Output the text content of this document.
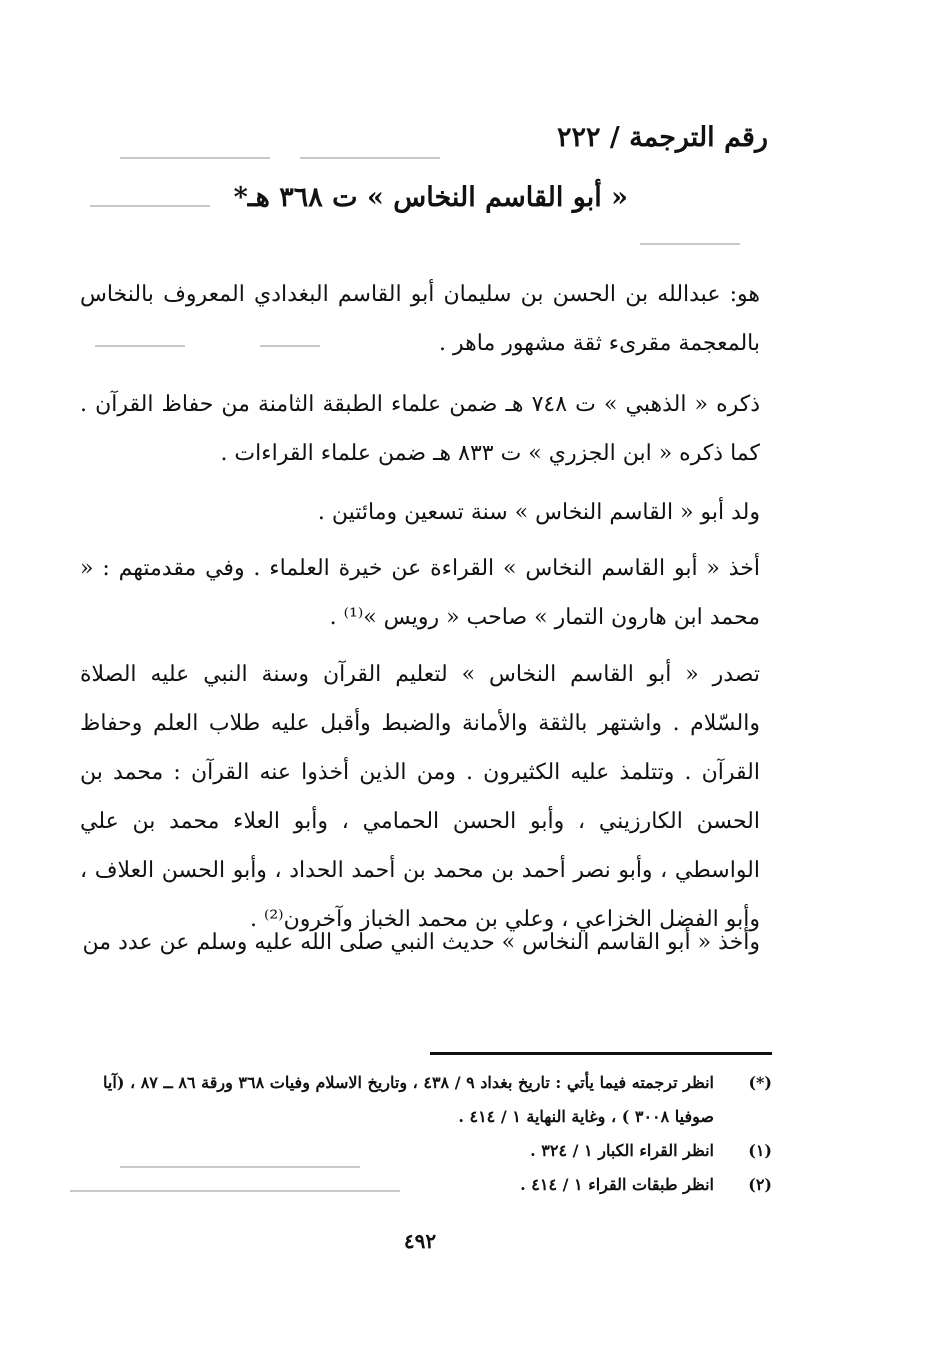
رقم الترجمة / ٢٢٢
« أبو القاسم النخاس » ت ٣٦٨ هـ*

هو: عبدالله بن الحسن بن سليمان أبو القاسم البغدادي المعروف بالنخاس بالمعجمة مقرىء ثقة مشهور ماهر .

ذكره « الذهبي » ت ٧٤٨ هـ ضمن علماء الطبقة الثامنة من حفاظ القرآن . كما ذكره « ابن الجزري » ت ٨٣٣ هـ ضمن علماء القراءات .

ولد أبو « القاسم النخاس » سنة تسعين ومائتين .

أخذ « أبو القاسم النخاس » القراءة عن خيرة العلماء . وفي مقدمتهم : « محمد ابن هارون التمار » صاحب « رويس »⁽¹⁾ .

تصدر « أبو القاسم النخاس » لتعليم القرآن وسنة النبي عليه الصلاة والسّلام . واشتهر بالثقة والأمانة والضبط وأقبل عليه طلاب العلم وحفاظ القرآن . وتتلمذ عليه الكثيرون . ومن الذين أخذوا عنه القرآن : محمد بن الحسن الكارزيني ، وأبو الحسن الحمامي ، وأبو العلاء محمد بن علي الواسطي ، وأبو نصر أحمد بن محمد بن أحمد الحداد ، وأبو الحسن العلاف ، وأبو الفضل الخزاعي ، وعلي بن محمد الخباز وآخرون⁽²⁾ .

وأخذ « أبو القاسم النخاس » حديث النبي صلى الله عليه وسلم عن عدد من

(*)
انظر ترجمته فيما يأتي : تاريخ بغداد ٩ / ٤٣٨ ، وتاريخ الاسلام وفيات ٣٦٨ ورقة ٨٦ ــ ٨٧ ، (آيا صوفيا ٣٠٠٨ ) ، وغاية النهاية ١ / ٤١٤ .
(١)
انظر القراء الكبار ١ / ٣٢٤ .
(٢)
انظر طبقات القراء ١ / ٤١٤ .
٤٩٢
